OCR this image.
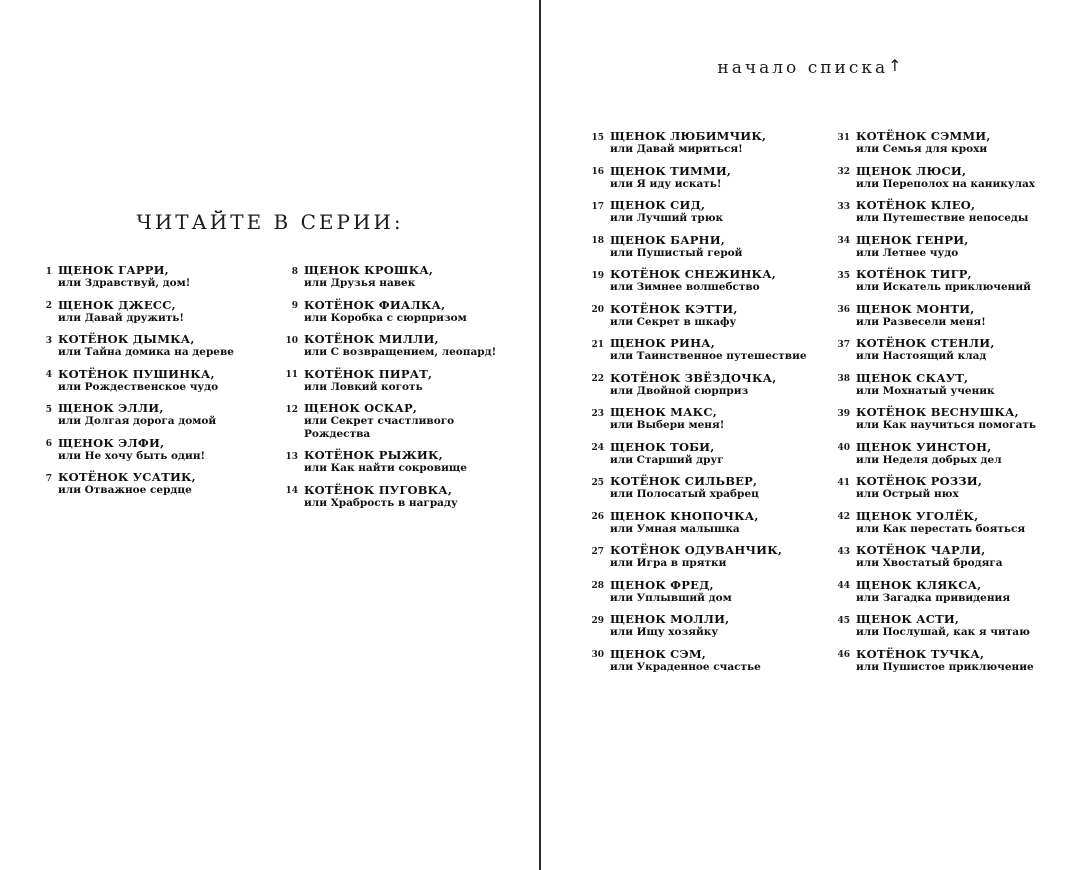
ЧИТАЙТЕ В СЕРИИ:
1 ЩЕНОК ГАРРИ,
или Здравствуй, дом!
2 ЩЕНОК ДЖЕСС,
или Давай дружить!
3 КОТЁНОК ДЫМКА,
или Тайна домика на дереве
4 КОТЁНОК ПУШИНКА,
или Рождественское чудо
5 ЩЕНОК ЭЛЛИ,
или Долгая дорога домой
6 ЩЕНОК ЭЛФИ,
или Не хочу быть один!
7 КОТЁНОК УСАТИК,
или Отважное сердце
8 ЩЕНОК КРОШКА,
или Друзья навек
9 КОТЁНОК ФИАЛКА,
или Коробка с сюрпризом
10 КОТЁНОК МИЛЛИ,
или С возвращением, леопард!
11 КОТЁНОК ПИРАТ,
или Ловкий коготь
12 ЩЕНОК ОСКАР,
или Секрет счастливого Рождества
13 КОТЁНОК РЫЖИК,
или Как найти сокровище
14 КОТЁНОК ПУГОВКА,
или Храбрость в награду
начало списка↑
15 ЩЕНОК ЛЮБИМЧИК,
или Давай мириться!
16 ЩЕНОК ТИММИ,
или Я иду искать!
17 ЩЕНОК СИД,
или Лучший трюк
18 ЩЕНОК БАРНИ,
или Пушистый герой
19 КОТЁНОК СНЕЖИНКА,
или Зимнее волшебство
20 КОТЁНОК КЭТТИ,
или Секрет в шкафу
21 ЩЕНОК РИНА,
или Таинственное путешествие
22 КОТЁНОК ЗВЁЗДОЧКА,
или Двойной сюрприз
23 ЩЕНОК МАКС,
или Выбери меня!
24 ЩЕНОК ТОБИ,
или Старший друг
25 КОТЁНОК СИЛЬВЕР,
или Полосатый храбрец
26 ЩЕНОК КНОПОЧКА,
или Умная малышка
27 КОТЁНОК ОДУВАНЧИК,
или Игра в прятки
28 ЩЕНОК ФРЕД,
или Уплывший дом
29 ЩЕНОК МОЛЛИ,
или Ищу хозяйку
30 ЩЕНОК СЭМ,
или Украденное счастье
31 КОТЁНОК СЭММИ,
или Семья для крохи
32 ЩЕНОК ЛЮСИ,
или Переполох на каникулах
33 КОТЁНОК КЛЕО,
или Путешествие непоседы
34 ЩЕНОК ГЕНРИ,
или Летнее чудо
35 КОТЁНОК ТИГР,
или Искатель приключений
36 ЩЕНОК МОНТИ,
или Развесели меня!
37 КОТЁНОК СТЕНЛИ,
или Настоящий клад
38 ЩЕНОК СКАУТ,
или Мохнатый ученик
39 КОТЁНОК ВЕСНУШКА,
или Как научиться помогать
40 ЩЕНОК УИНСТОН,
или Неделя добрых дел
41 КОТЁНОК РОЗЗИ,
или Острый нюх
42 ЩЕНОК УГОЛЁК,
или Как перестать бояться
43 КОТЁНОК ЧАРЛИ,
или Хвостатый бродяга
44 ЩЕНОК КЛЯКСА,
или Загадка привидения
45 ЩЕНОК АСТИ,
или Послушай, как я читаю
46 КОТЁНОК ТУЧКА,
или Пушистое приключение
